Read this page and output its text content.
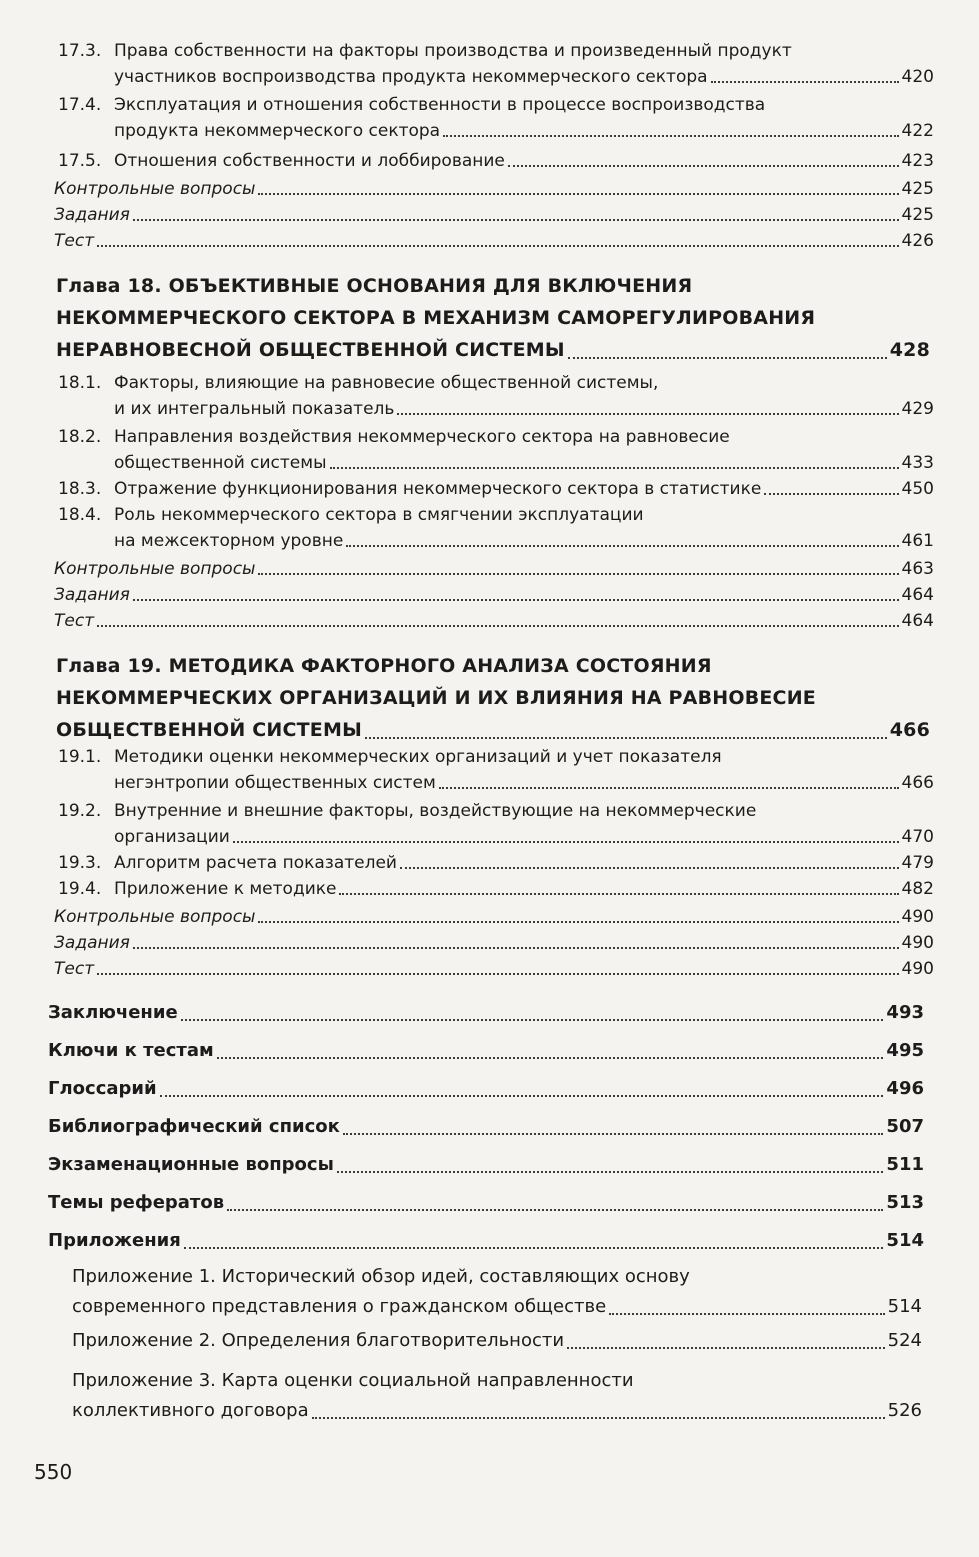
17.3. Права собственности на факторы производства и произведенный продукт
участников воспроизводства продукта некоммерческого сектора	420
17.4. Эксплуатация и отношения собственности в процессе воспроизводства
продукта некоммерческого сектора	422
17.5. Отношения собственности и лоббирование	423
Контрольные вопросы	425
Задания	425
Тест	426
Глава 18. ОБЪЕКТИВНЫЕ ОСНОВАНИЯ ДЛЯ ВКЛЮЧЕНИЯ
НЕКОММЕРЧЕСКОГО СЕКТОРА В МЕХАНИЗМ САМОРЕГУЛИРОВАНИЯ
НЕРАВНОВЕСНОЙ ОБЩЕСТВЕННОЙ СИСТЕМЫ	428
18.1. Факторы, влияющие на равновесие общественной системы,
и их интегральный показатель	429
18.2. Направления воздействия некоммерческого сектора на равновесие
общественной системы	433
18.3. Отражение функционирования некоммерческого сектора в статистике	450
18.4. Роль некоммерческого сектора в смягчении эксплуатации
на межсекторном уровне	461
Контрольные вопросы	463
Задания	464
Тест	464
Глава 19. МЕТОДИКА ФАКТОРНОГО АНАЛИЗА СОСТОЯНИЯ
НЕКОММЕРЧЕСКИХ ОРГАНИЗАЦИЙ И ИХ ВЛИЯНИЯ НА РАВНОВЕСИЕ
ОБЩЕСТВЕННОЙ СИСТЕМЫ	466
19.1. Методики оценки некоммерческих организаций и учет показателя
негэнтропии общественных систем	466
19.2. Внутренние и внешние факторы, воздействующие на некоммерческие
организации	470
19.3. Алгоритм расчета показателей	479
19.4. Приложение к методике	482
Контрольные вопросы	490
Задания	490
Тест	490
Заключение	493
Ключи к тестам	495
Глоссарий	496
Библиографический список	507
Экзаменационные вопросы	511
Темы рефератов	513
Приложения	514
Приложение 1. Исторический обзор идей, составляющих основу
современного представления о гражданском обществе	514
Приложение 2. Определения благотворительности	524
Приложение 3. Карта оценки социальной направленности
коллективного договора	526
550
